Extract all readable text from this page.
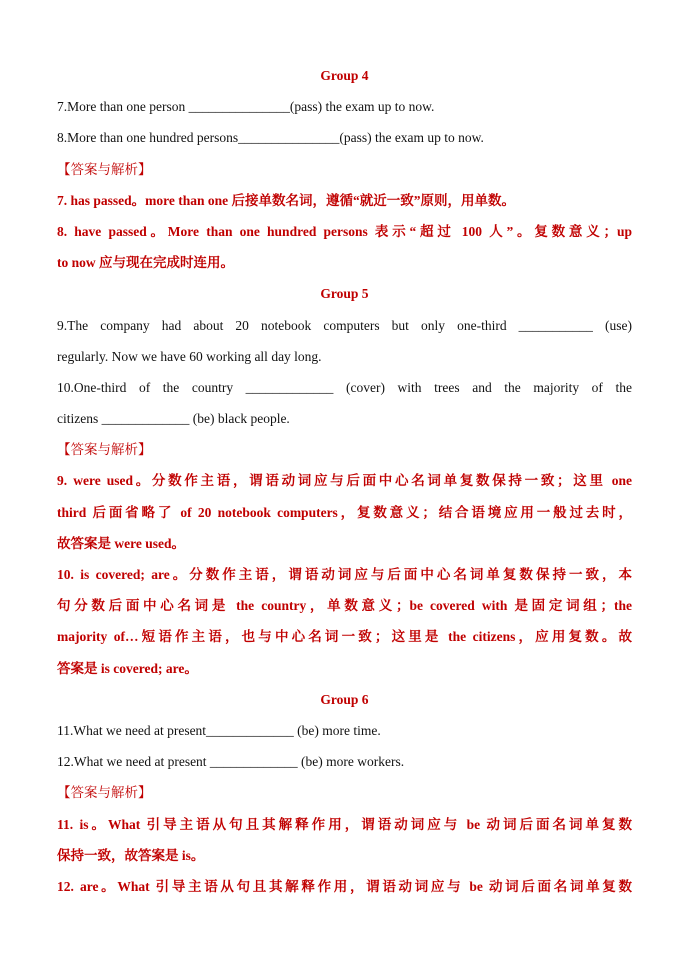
Group 4
7.More than one person _______________(pass) the exam up to now.
8.More than one hundred persons_______________(pass) the exam up to now.
【答案与解析】
7. has passed。more than one 后接单数名词，遵循“就近一致”原则，用单数。
8. have passed。More than one hundred persons 表示“超过 100 人”。复数意义；up
to now 应与现在完成时连用。
Group 5
9.The company had about 20 notebook computers but only one-third ___________ (use)
regularly. Now we have 60 working all day long.
10.One-third of the country _____________ (cover) with trees and the majority of the
citizens _____________ (be) black people.
【答案与解析】
9. were used。分数作主语，谓语动词应与后面中心名词单复数保持一致；这里 one
third 后面省略了 of 20 notebook computers，复数意义；结合语境应用一般过去时，
故答案是 were used。
10. is covered; are。分数作主语，谓语动词应与后面中心名词单复数保持一致，本
句分数后面中心名词是 the country，单数意义；be covered with 是固定词组；the
majority of…短语作主语，也与中心名词一致；这里是 the citizens，应用复数。故
答案是 is covered; are。
Group 6
11.What we need at present_____________ (be) more time.
12.What we need at present _____________ (be) more workers.
【答案与解析】
11. is。What 引导主语从句且其解释作用，谓语动词应与 be 动词后面名词单复数
保持一致，故答案是 is。
12. are。What 引导主语从句且其解释作用，谓语动词应与 be 动词后面名词单复数
